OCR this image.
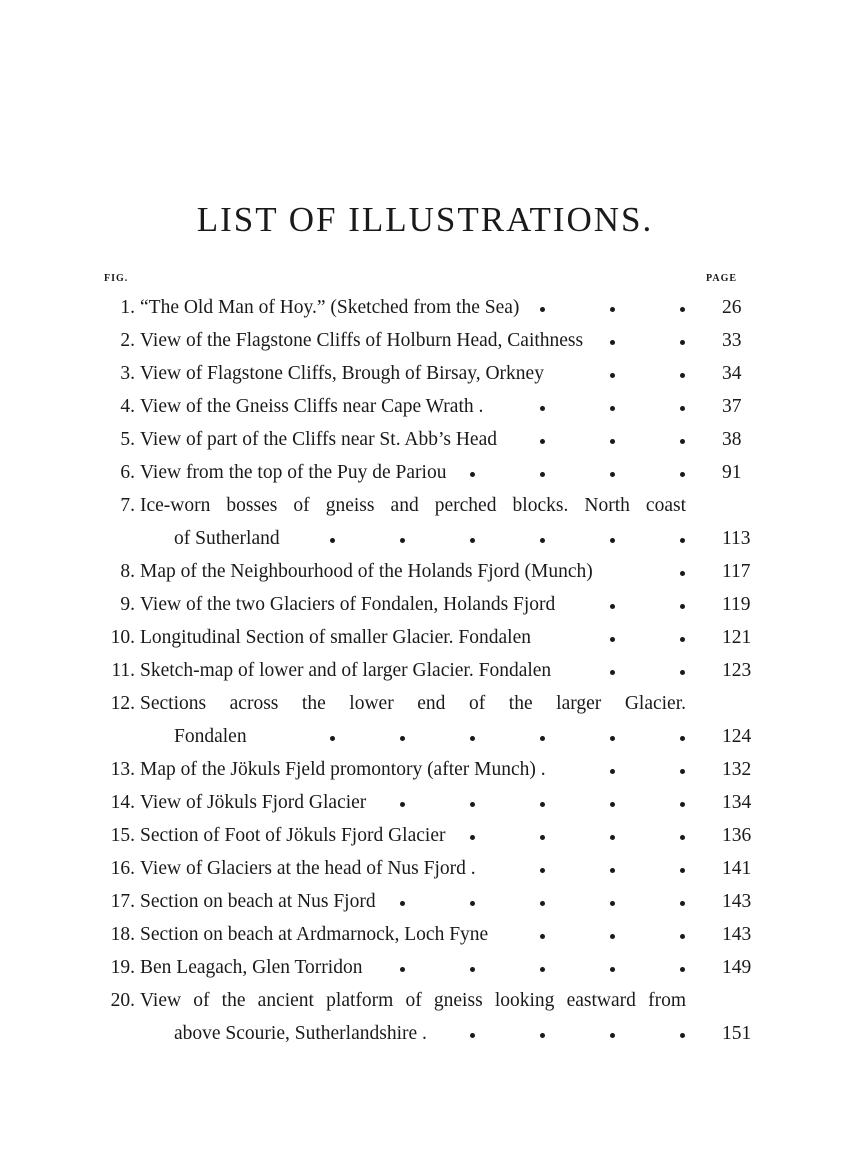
LIST OF ILLUSTRATIONS.
FIG.	PAGE
1. “The Old Man of Hoy.” (Sketched from the Sea)	26
2. View of the Flagstone Cliffs of Holburn Head, Caithness	33
3. View of Flagstone Cliffs, Brough of Birsay, Orkney	34
4. View of the Gneiss Cliffs near Cape Wrath .	37
5. View of part of the Cliffs near St. Abb’s Head	38
6. View from the top of the Puy de Pariou	91
7. Ice-worn bosses of gneiss and perched blocks. North coast
of Sutherland	113
8. Map of the Neighbourhood of the Holands Fjord (Munch)	117
9. View of the two Glaciers of Fondalen, Holands Fjord	119
10. Longitudinal Section of smaller Glacier. Fondalen	121
11. Sketch-map of lower and of larger Glacier. Fondalen	123
12. Sections across the lower end of the larger Glacier.
Fondalen	124
13. Map of the Jökuls Fjeld promontory (after Munch) .	132
14. View of Jökuls Fjord Glacier	134
15. Section of Foot of Jökuls Fjord Glacier	136
16. View of Glaciers at the head of Nus Fjord .	141
17. Section on beach at Nus Fjord	143
18. Section on beach at Ardmarnock, Loch Fyne	143
19. Ben Leagach, Glen Torridon	149
20. View of the ancient platform of gneiss looking eastward from
above Scourie, Sutherlandshire .	151
